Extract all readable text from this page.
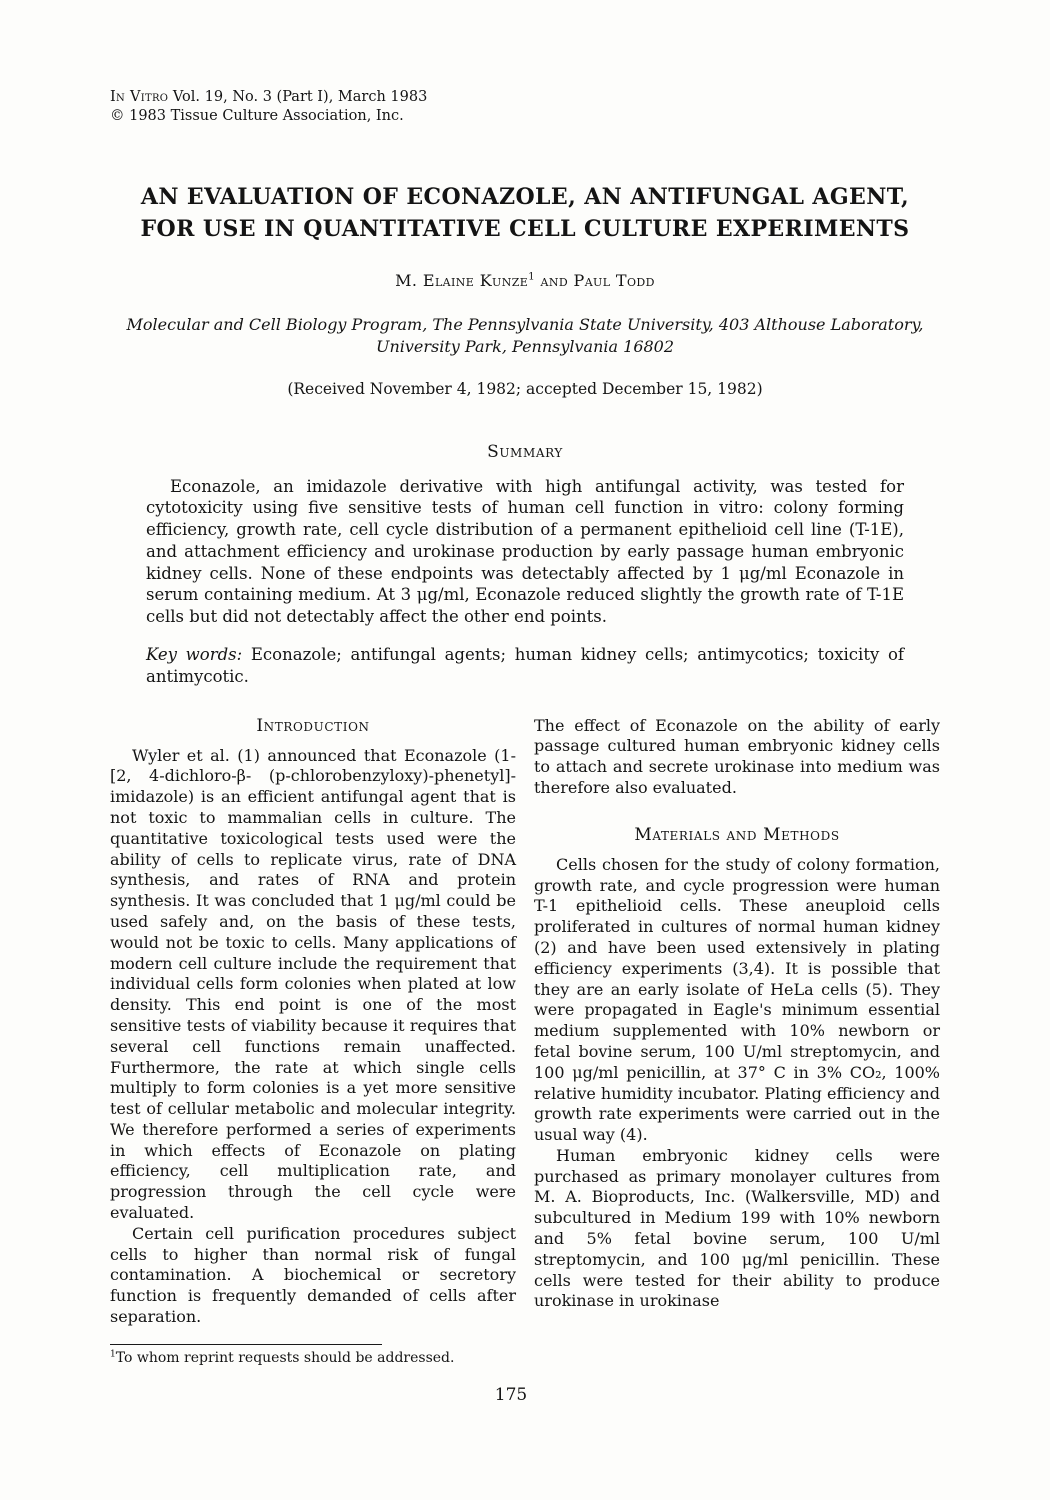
In Vitro Vol. 19, No. 3 (Part I), March 1983
© 1983 Tissue Culture Association, Inc.
AN EVALUATION OF ECONAZOLE, AN ANTIFUNGAL AGENT,
FOR USE IN QUANTITATIVE CELL CULTURE EXPERIMENTS
M. Elaine Kunze$^1$ and Paul Todd
Molecular and Cell Biology Program, The Pennsylvania State University, 403 Althouse Laboratory,
University Park, Pennsylvania 16802
(Received November 4, 1982; accepted December 15, 1982)
Summary

Econazole, an imidazole derivative with high antifungal activity, was tested for cytotoxicity using five sensitive tests of human cell function in vitro: colony forming efficiency, growth rate, cell cycle distribution of a permanent epithelioid cell line (T-1E), and attachment efficiency and urokinase production by early passage human embryonic kidney cells. None of these endpoints was detectably affected by 1 μg/ml Econazole in serum containing medium. At 3 μg/ml, Econazole reduced slightly the growth rate of T-1E cells but did not detectably affect the other end points.

Key words: Econazole; antifungal agents; human kidney cells; antimycotics; toxicity of antimycotic.

Introduction

Wyler et al. (1) announced that Econazole (1-[2, 4-dichloro-β- (p-chlorobenzyloxy)-phenetyl]-imidazole) is an efficient antifungal agent that is not toxic to mammalian cells in culture. The quantitative toxicological tests used were the ability of cells to replicate virus, rate of DNA synthesis, and rates of RNA and protein synthesis. It was concluded that 1 μg/ml could be used safely and, on the basis of these tests, would not be toxic to cells. Many applications of modern cell culture include the requirement that individual cells form colonies when plated at low density. This end point is one of the most sensitive tests of viability because it requires that several cell functions remain unaffected. Furthermore, the rate at which single cells multiply to form colonies is a yet more sensitive test of cellular metabolic and molecular integrity. We therefore performed a series of experiments in which effects of Econazole on plating efficiency, cell multiplication rate, and progression through the cell cycle were evaluated.

Certain cell purification procedures subject cells to higher than normal risk of fungal contamination. A biochemical or secretory function is frequently demanded of cells after separation.

$^1$To whom reprint requests should be addressed.

The effect of Econazole on the ability of early passage cultured human embryonic kidney cells to attach and secrete urokinase into medium was therefore also evaluated.

Materials and Methods

Cells chosen for the study of colony formation, growth rate, and cycle progression were human T-1 epithelioid cells. These aneuploid cells proliferated in cultures of normal human kidney (2) and have been used extensively in plating efficiency experiments (3,4). It is possible that they are an early isolate of HeLa cells (5). They were propagated in Eagle's minimum essential medium supplemented with 10% newborn or fetal bovine serum, 100 U/ml streptomycin, and 100 μg/ml penicillin, at 37° C in 3% CO₂, 100% relative humidity incubator. Plating efficiency and growth rate experiments were carried out in the usual way (4).

Human embryonic kidney cells were purchased as primary monolayer cultures from M. A. Bioproducts, Inc. (Walkersville, MD) and subcultured in Medium 199 with 10% newborn and 5% fetal bovine serum, 100 U/ml streptomycin, and 100 μg/ml penicillin. These cells were tested for their ability to produce urokinase in urokinase

175
